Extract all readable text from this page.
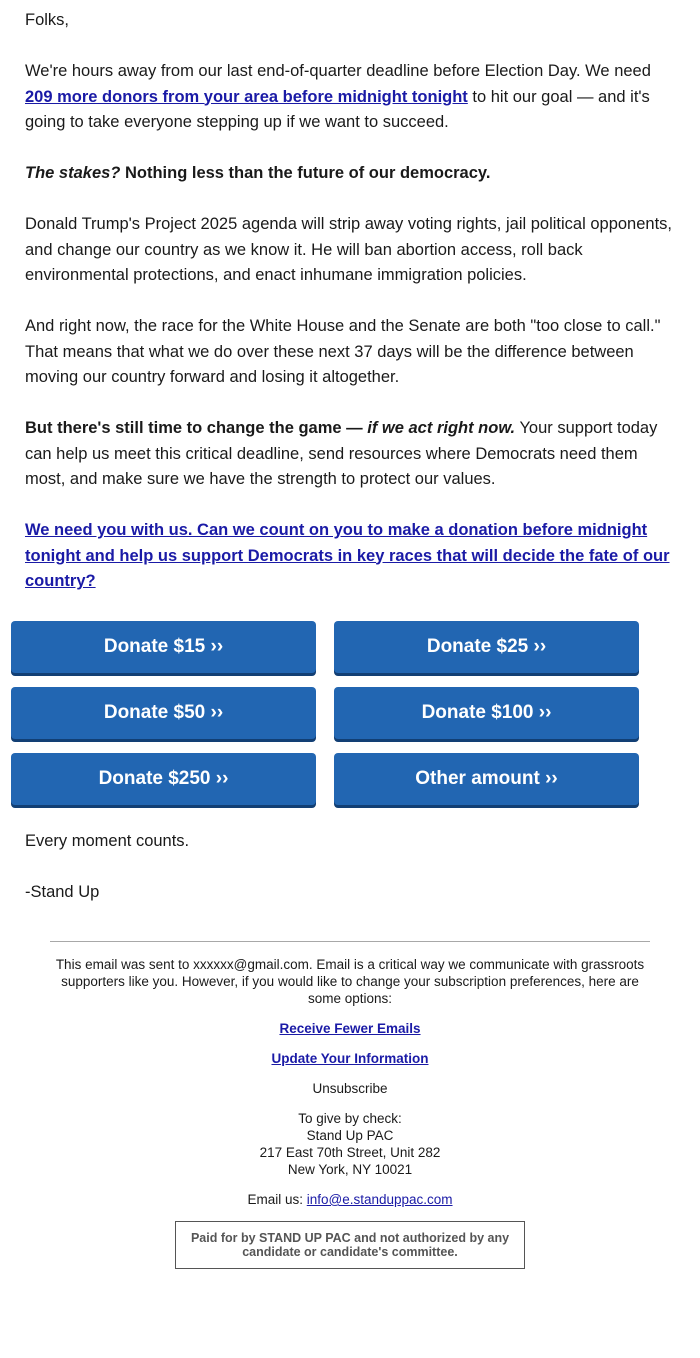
Folks,

We're hours away from our last end-of-quarter deadline before Election Day. We need 209 more donors from your area before midnight tonight to hit our goal — and it's going to take everyone stepping up if we want to succeed.

The stakes? Nothing less than the future of our democracy.

Donald Trump's Project 2025 agenda will strip away voting rights, jail political opponents, and change our country as we know it. He will ban abortion access, roll back environmental protections, and enact inhumane immigration policies.

And right now, the race for the White House and the Senate are both "too close to call." That means that what we do over these next 37 days will be the difference between moving our country forward and losing it altogether.

But there's still time to change the game — if we act right now. Your support today can help us meet this critical deadline, send resources where Democrats need them most, and make sure we have the strength to protect our values.

We need you with us. Can we count on you to make a donation before midnight tonight and help us support Democrats in key races that will decide the fate of our country?

Donate $15 ››	Donate $25 ››
Donate $50 ››	Donate $100 ››
Donate $250 ››	Other amount ››

Every moment counts.

-Stand Up

This email was sent to xxxxxx@gmail.com. Email is a critical way we communicate with grassroots supporters like you. However, if you would like to change your subscription preferences, here are some options:

Receive Fewer Emails

Update Your Information

Unsubscribe

To give by check:

Stand Up PAC

217 East 70th Street, Unit 282

New York, NY 10021

Email us: info@e.standuppac.com

Paid for by STAND UP PAC and not authorized by any candidate or candidate's committee.
